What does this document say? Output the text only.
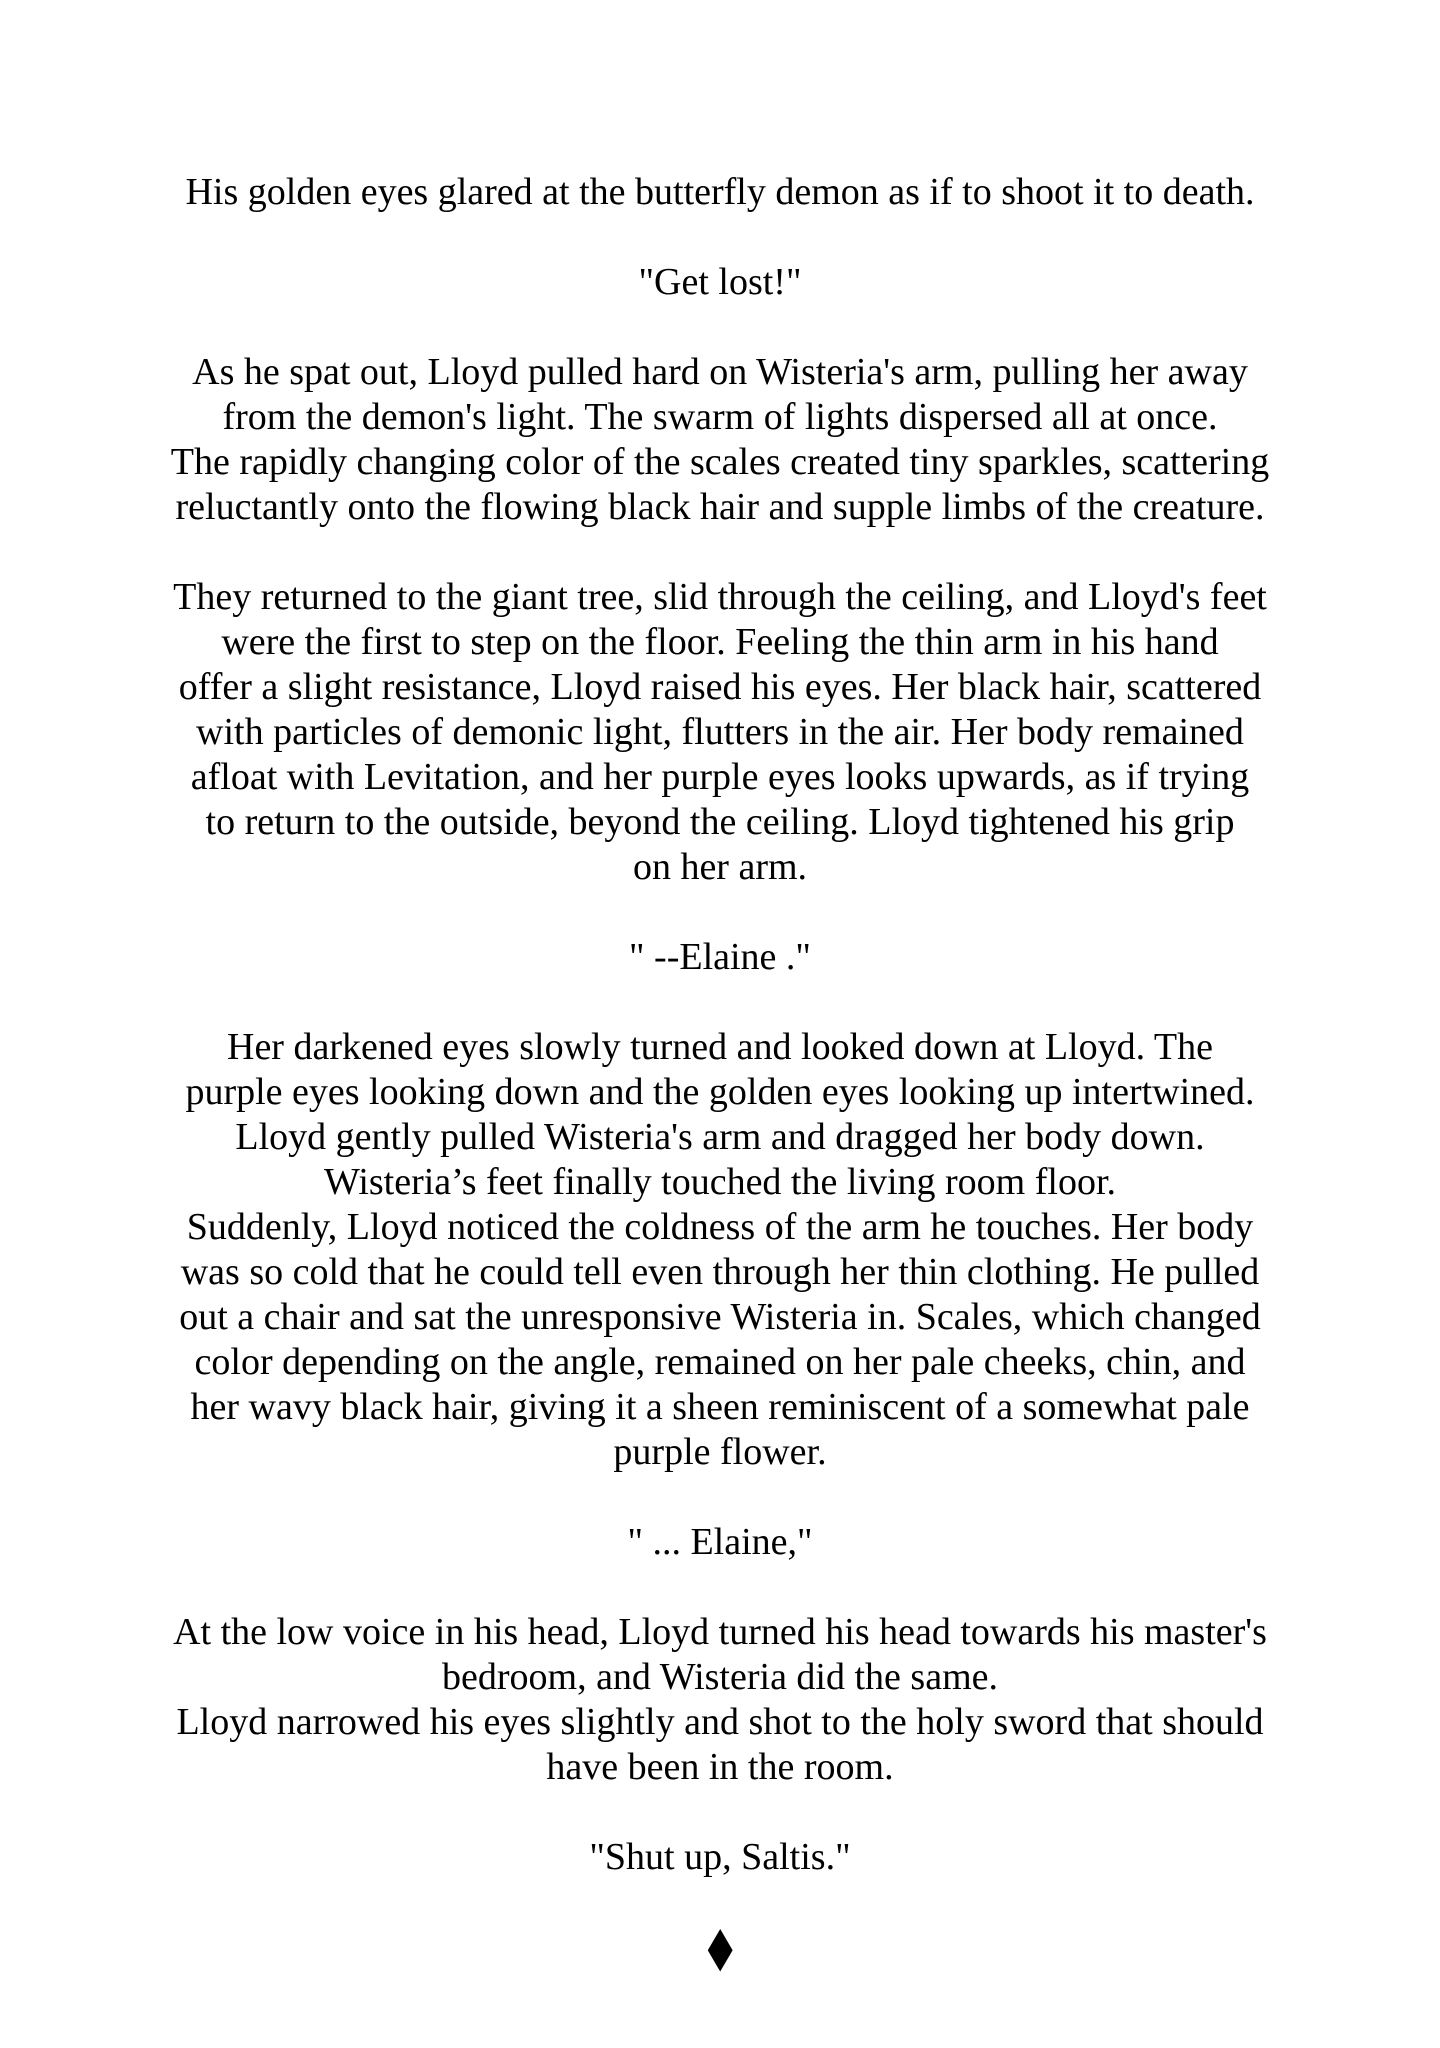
His golden eyes glared at the butterfly demon as if to shoot it to death.
"Get lost!"
As he spat out, Lloyd pulled hard on Wisteria's arm, pulling her away
from the demon's light. The swarm of lights dispersed all at once.
The rapidly changing color of the scales created tiny sparkles, scattering
reluctantly onto the flowing black hair and supple limbs of the creature.
They returned to the giant tree, slid through the ceiling, and Lloyd's feet
were the first to step on the floor. Feeling the thin arm in his hand
offer a slight resistance, Lloyd raised his eyes. Her black hair, scattered
with particles of demonic light, flutters in the air. Her body remained
afloat with Levitation, and her purple eyes looks upwards, as if trying
to return to the outside, beyond the ceiling. Lloyd tightened his grip
on her arm.
" --Elaine ."
Her darkened eyes slowly turned and looked down at Lloyd. The
purple eyes looking down and the golden eyes looking up intertwined.
Lloyd gently pulled Wisteria's arm and dragged her body down.
Wisteria’s feet finally touched the living room floor.
Suddenly, Lloyd noticed the coldness of the arm he touches. Her body
was so cold that he could tell even through her thin clothing. He pulled
out a chair and sat the unresponsive Wisteria in. Scales, which changed
color depending on the angle, remained on her pale cheeks, chin, and
her wavy black hair, giving it a sheen reminiscent of a somewhat pale
purple flower.
" ... Elaine,"
At the low voice in his head, Lloyd turned his head towards his master's
bedroom, and Wisteria did the same.
Lloyd narrowed his eyes slightly and shot to the holy sword that should
have been in the room.
"Shut up, Saltis."
♦
